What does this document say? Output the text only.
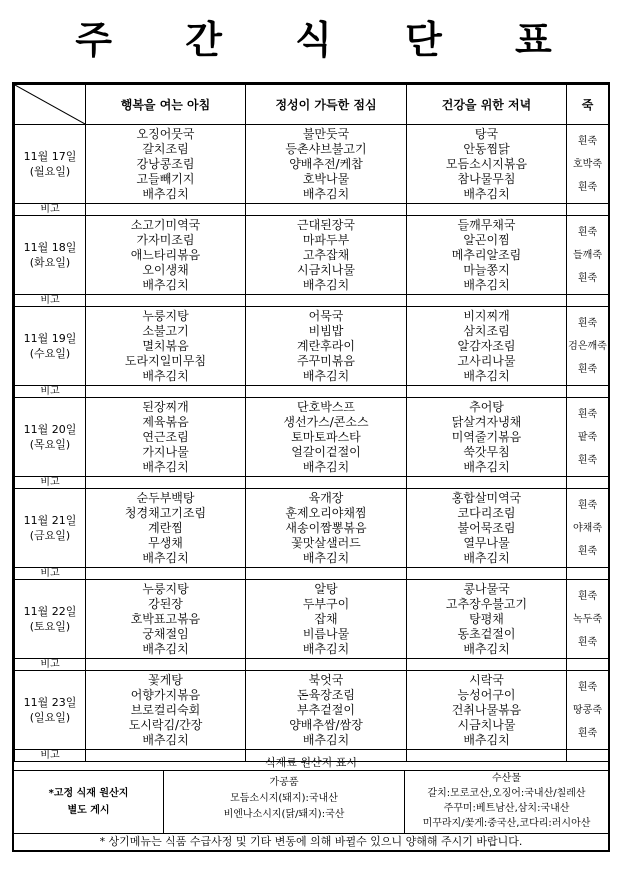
주 간 식 단 표
	행복을 여는 아침	정성이 가득한 점심	건강을 위한 저녁	죽

11월 17일
(월요일)	오징어뭇국
갈치조림
강낭콩조림
고들빼기지
배추김치	불만둣국
등촌샤브불고기
양배추전/케찹
호박나물
배추김치	탕국
안동찜닭
모듬소시지볶음
참나물무침
배추김치	흰죽
호박죽
흰죽

비고				

11월 18일
(화요일)	소고기미역국
가자미조림
애느타리볶음
오이생채
배추김치	근대된장국
마파두부
고추잡채
시금치나물
배추김치	들깨무채국
알곤이찜
메추리알조림
마늘쫑지
배추김치	흰죽
들깨죽
흰죽

비고				

11월 19일
(수요일)	누룽지탕
소불고기
멸치볶음
도라지일미무침
배추김치	어묵국
비빔밥
계란후라이
주꾸미볶음
배추김치	비지찌개
삼치조림
알감자조림
고사리나물
배추김치	흰죽
검은깨죽
흰죽

비고				

11월 20일
(목요일)	된장찌개
제육볶음
연근조림
가지나물
배추김치	단호박스프
생선가스/콘소스
토마토파스타
얼갈이겉절이
배추김치	추어탕
닭살겨자냉채
미역줄기볶음
쑥갓무침
배추김치	흰죽
팥죽
흰죽

비고				

11월 21일
(금요일)	순두부백탕
청경채고기조림
계란찜
무생채
배추김치	육개장
훈제오리야채찜
새송이짬뽕볶음
꽃맛살샐러드
배추김치	홍합살미역국
코다리조림
불어묵조림
열무나물
배추김치	흰죽
야채죽
흰죽

비고				

11월 22일
(토요일)	누룽지탕
강된장
호박표고볶음
궁채절임
배추김치	알탕
두부구이
잡채
비름나물
배추김치	콩나물국
고추장우불고기
탕평채
동초겉절이
배추김치	흰죽
녹두죽
흰죽

비고				

11월 23일
(일요일)	꽃게탕
어향가지볶음
브로컬리숙회
도시락김/간장
배추김치	북엇국
돈육장조림
부추겉절이
양배추쌈/쌈장
배추김치	시락국
능성어구이
건취나물볶음
시금치나물
배추김치	흰죽
땅콩죽
흰죽

비고				
식재료 원산지 표시
*고정 식재 원산지
별도 게시
가공품
모듬소시지(돼지):국내산
비엔나소시지(닭/돼지):국산
수산물
갈치:모로코산,오징어:국내산/칠레산
주꾸미:베트남산,삼치:국내산
미꾸라지/꽃게:중국산,코다리:러시아산
* 상기메뉴는 식품 수급사정 및 기타 변동에 의해 바뀔수 있으니 양해해 주시기 바랍니다.
